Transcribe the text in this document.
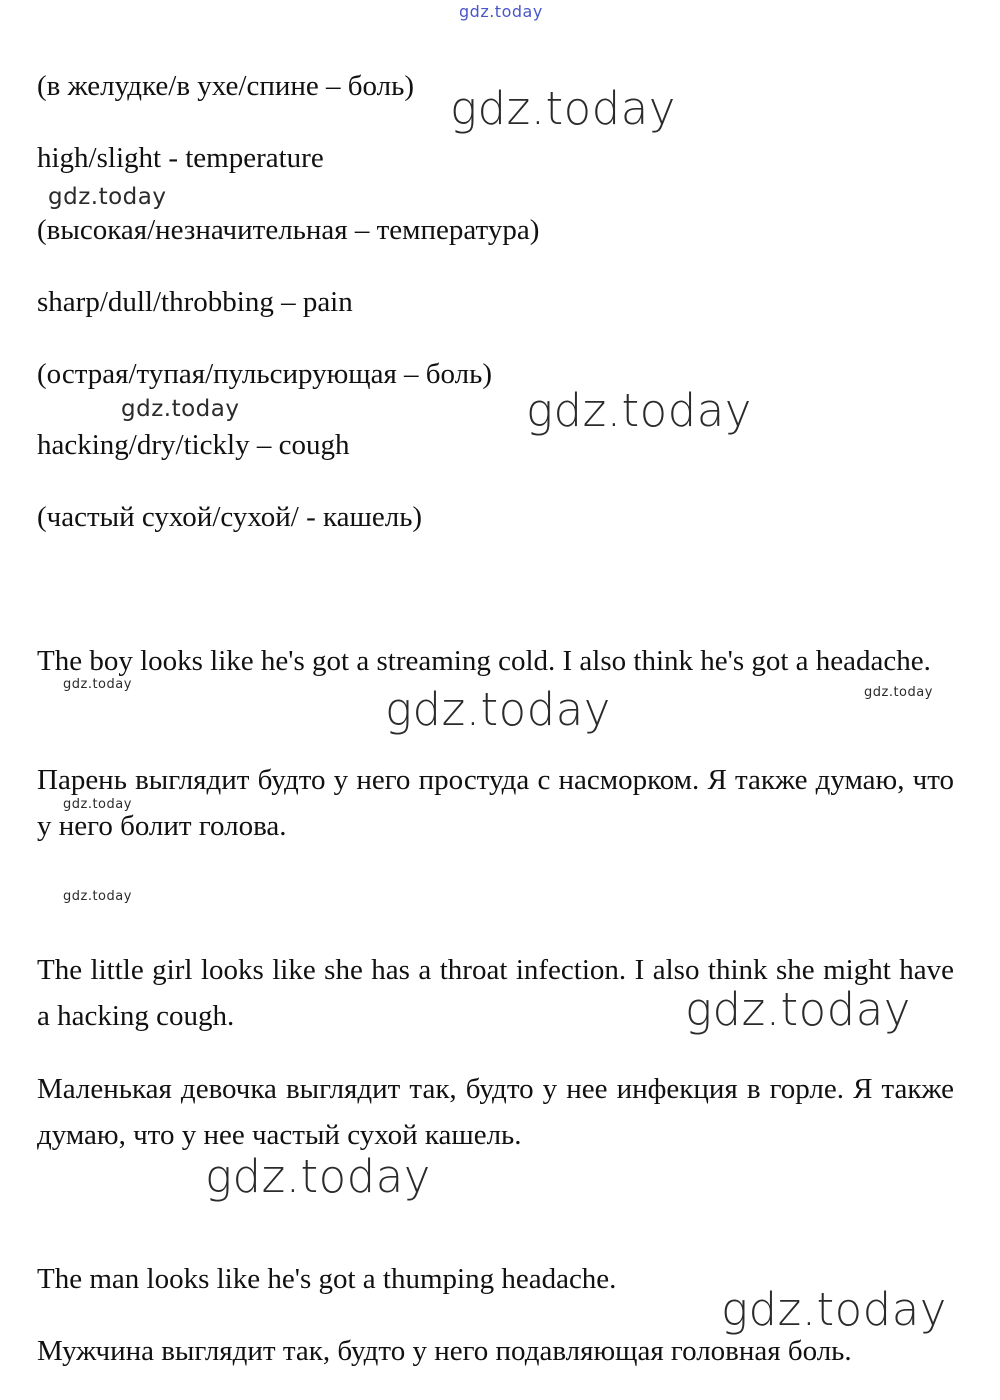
gdz.today
gdz.today
gdz.today
gdz.today	gdz.today
gdz.today	gdz.today	gdz.today
gdz.today
gdz.today
gdz.today
gdz.today
gdz.today
(в желудке/в ухе/спине – боль)
high/slight - temperature
(высокая/незначительная – температура)
sharp/dull/throbbing – pain
(острая/тупая/пульсирующая – боль)
hacking/dry/tickly – cough
(частый сухой/сухой/ - кашель)
The boy looks like he's got a streaming cold. I also think he's got a headache.
Парень выглядит будто у него простуда с насморком. Я также думаю, что у него болит голова.
The little girl looks like she has a throat infection. I also think she might have a hacking cough.
Маленькая девочка выглядит так, будто у нее инфекция в горле. Я также думаю, что у нее частый сухой кашель.
The man looks like he's got a thumping headache.
Мужчина выглядит так, будто у него подавляющая головная боль.
